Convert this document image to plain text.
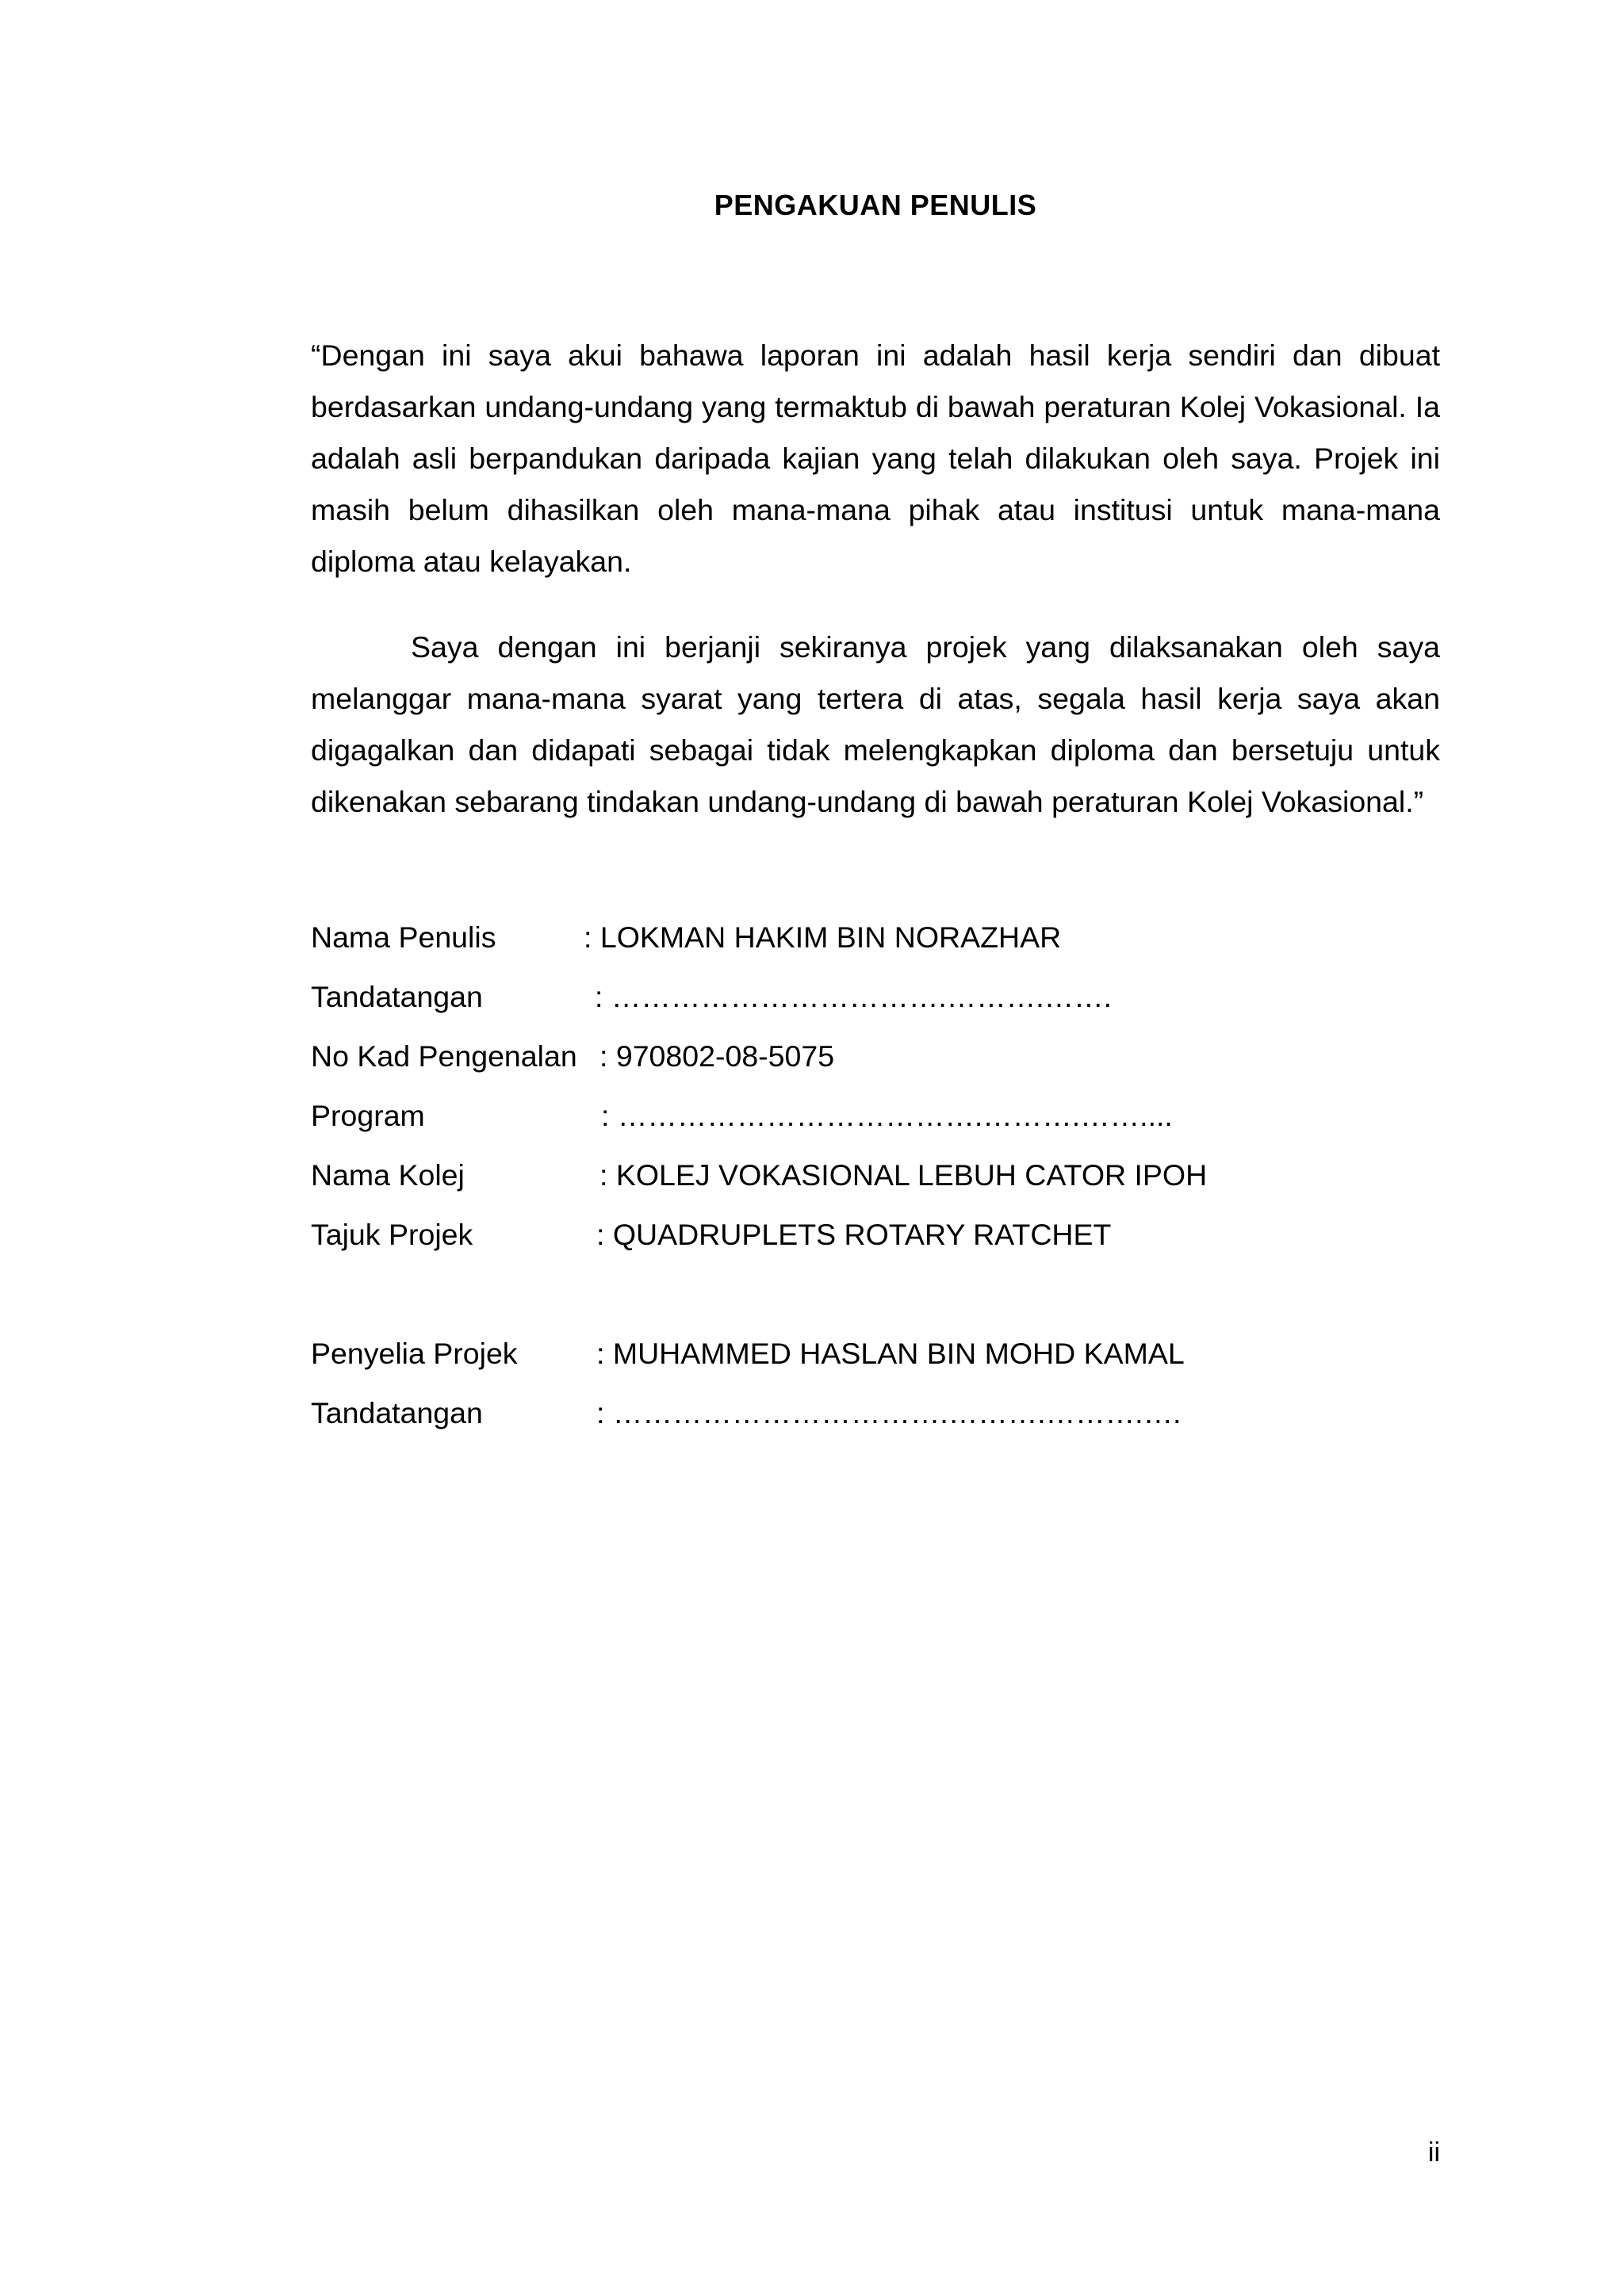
PENGAKUAN PENULIS

“Dengan ini saya akui bahawa laporan ini adalah hasil kerja sendiri dan dibuat berdasarkan undang-undang yang termaktub di bawah peraturan Kolej Vokasional. Ia adalah asli berpandukan daripada kajian yang telah dilakukan oleh saya. Projek ini masih belum dihasilkan oleh mana-mana pihak atau institusi untuk mana-mana diploma atau kelayakan.

Saya dengan ini berjanji sekiranya projek yang dilaksanakan oleh saya melanggar mana-mana syarat yang tertera di atas, segala hasil kerja saya akan digagalkan dan didapati sebagai tidak melengkapkan diploma dan bersetuju untuk dikenakan sebarang tindakan undang-undang di bawah peraturan Kolej Vokasional.”

Nama Penulis	: LOKMAN HAKIM BIN NORAZHAR
Tandatangan	: …………………………….……….…….
No Kad Pengenalan : 970802-08-5075
Program	: ……………………………….……….……....
Nama Kolej	: KOLEJ VOKASIONAL LEBUH CATOR IPOH
Tajuk Projek	: QUADRUPLETS ROTARY RATCHET
Penyelia Projek	: MUHAMMED HASLAN BIN MOHD KAMAL
Tandatangan	: …………………………….……….……….….
ii
